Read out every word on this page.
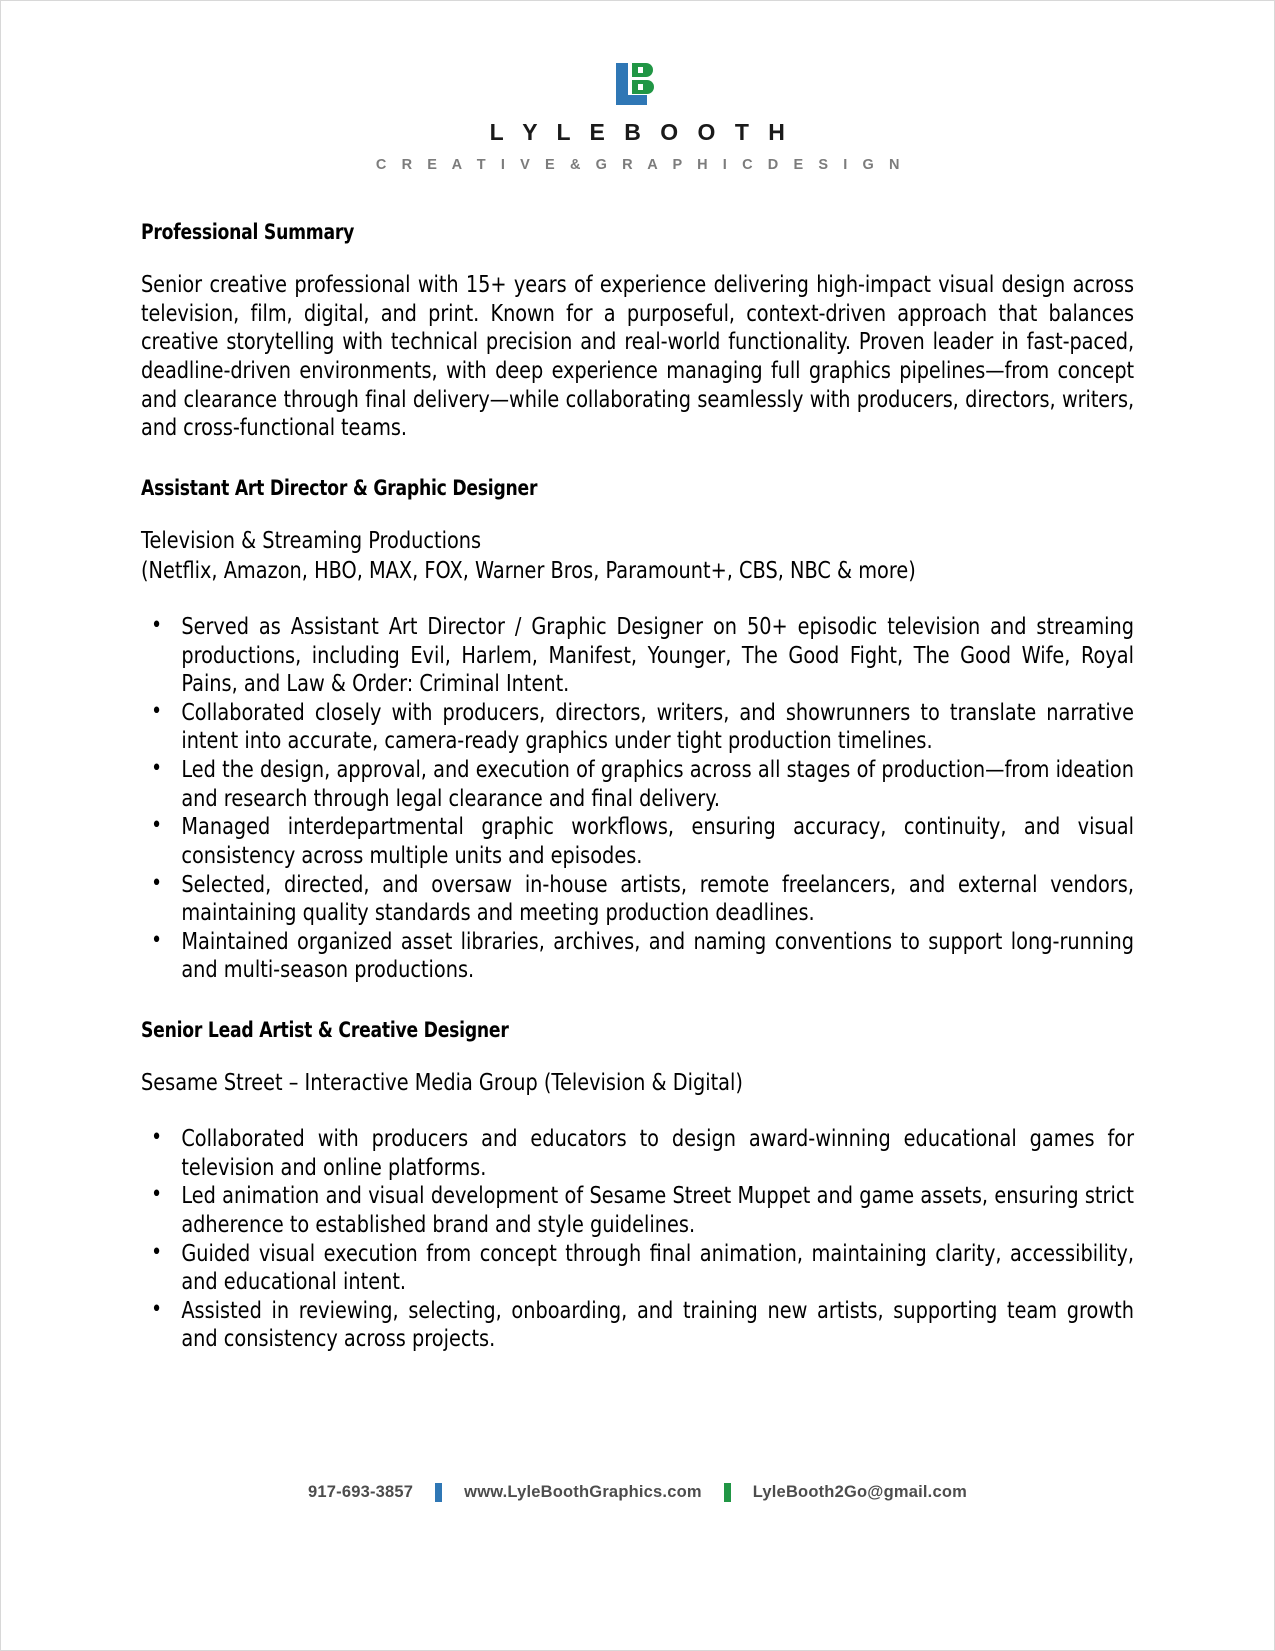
L Y L E B O O T H
C R E A T I V E & G R A P H I C D E S I G N
Professional Summary
Senior creative professional with 15+ years of experience delivering high-impact visual design across television, film, digital, and print. Known for a purposeful, context-driven approach that balances creative storytelling with technical precision and real-world functionality. Proven leader in fast-paced, deadline-driven environments, with deep experience managing full graphics pipelines—from concept and clearance through final delivery—while collaborating seamlessly with producers, directors, writers, and cross-functional teams.
Assistant Art Director & Graphic Designer
Television & Streaming Productions
(Netflix, Amazon, HBO, MAX, FOX, Warner Bros, Paramount+, CBS, NBC & more)
• Served as Assistant Art Director / Graphic Designer on 50+ episodic television and streaming productions, including Evil, Harlem, Manifest, Younger, The Good Fight, The Good Wife, Royal Pains, and Law & Order: Criminal Intent.
• Collaborated closely with producers, directors, writers, and showrunners to translate narrative intent into accurate, camera-ready graphics under tight production timelines.
• Led the design, approval, and execution of graphics across all stages of production—from ideation and research through legal clearance and final delivery.
• Managed interdepartmental graphic workflows, ensuring accuracy, continuity, and visual consistency across multiple units and episodes.
• Selected, directed, and oversaw in-house artists, remote freelancers, and external vendors, maintaining quality standards and meeting production deadlines.
• Maintained organized asset libraries, archives, and naming conventions to support long-running and multi-season productions.
Senior Lead Artist & Creative Designer
Sesame Street – Interactive Media Group (Television & Digital)
• Collaborated with producers and educators to design award-winning educational games for television and online platforms.
• Led animation and visual development of Sesame Street Muppet and game assets, ensuring strict adherence to established brand and style guidelines.
• Guided visual execution from concept through final animation, maintaining clarity, accessibility, and educational intent.
• Assisted in reviewing, selecting, onboarding, and training new artists, supporting team growth and consistency across projects.
917-693-3857	www.LyleBoothGraphics.com	LyleBooth2Go@gmail.com
